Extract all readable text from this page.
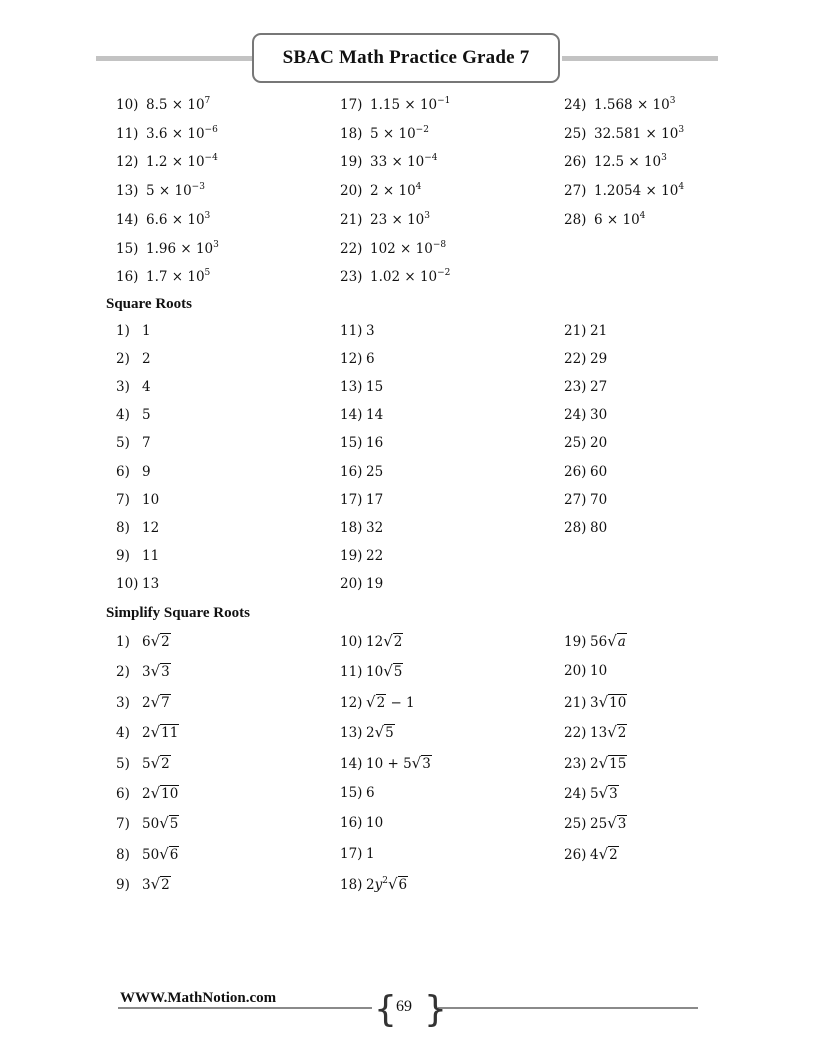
SBAC Math Practice Grade 7
10) $8.5 \times 10^7$
11) $3.6 \times 10^{-6}$
12) $1.2 \times 10^{-4}$
13) $5 \times 10^{-3}$
14) $6.6 \times 10^3$
15) $1.96 \times 10^3$
16) $1.7 \times 10^5$
17) $1.15 \times 10^{-1}$
18) $5 \times 10^{-2}$
19) $33 \times 10^{-4}$
20) $2 \times 10^4$
21) $23 \times 10^3$
22) $102 \times 10^{-8}$
23) $1.02 \times 10^{-2}$
24) $1.568 \times 10^3$
25) $32.581 \times 10^3$
26) $12.5 \times 10^3$
27) $1.2054 \times 10^4$
28) $6 \times 10^4$
Square Roots
1) 1
2) 2
3) 4
4) 5
5) 7
6) 9
7) 10
8) 12
9) 11
10) 13
11) 3
12) 6
13) 15
14) 14
15) 16
16) 25
17) 17
18) 32
19) 22
20) 19
21) 21
22) 29
23) 27
24) 30
25) 20
26) 60
27) 70
28) 80
Simplify Square Roots
1) 6√2
2) 3√3
3) 2√7
4) 2√11
5) 5√2
6) 2√10
7) 50√5
8) 50√6
9) 3√2
10) 12√2
11) 10√5
12) √2 − 1
13) 2√5
14) 10 + 5√3
15) 6
16) 10
17) 1
18) $2y^2√6$
19) 56√a
20) 10
21) 3√10
22) 13√2
23) 2√15
24) 5√3
25) 25√3
26) 4√2
WWW.MathNotion.com	{ }
69
